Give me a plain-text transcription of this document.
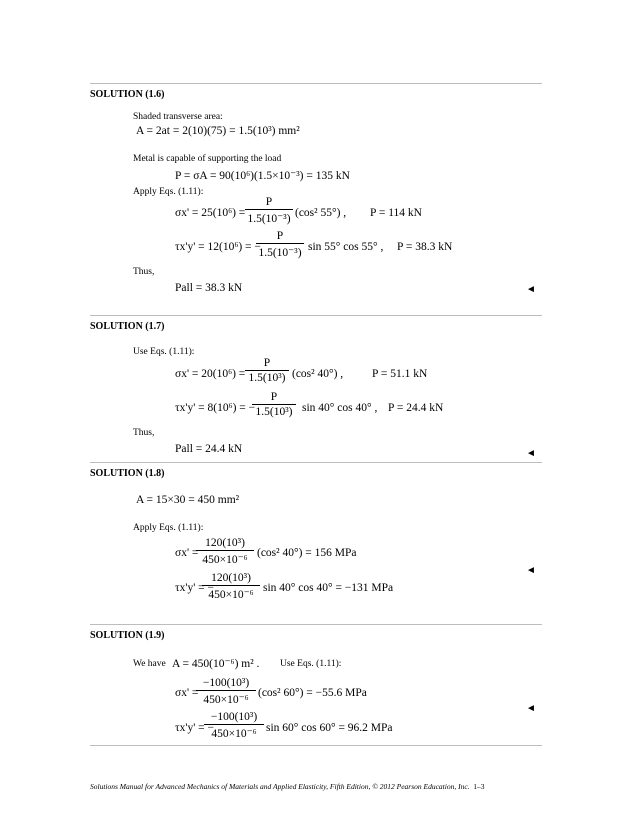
SOLUTION (1.6)
Shaded transverse area:
A = 2at = 2(10)(75) = 1.5(10³) mm²
Metal is capable of supporting the load
P = σA = 90(10⁶)(1.5×10⁻³) = 135 kN
Apply Eqs. (1.11):
$\sigma x' = 25(10^6) = \frac{P}{\text{1.5(10⁻³)}} (\cos^2$ 55°) , P = 114 kN
τx'y' = 12(10⁶) = −
$\frac{P}{\text{1.5(10⁻³)}}$ sin 55° cos 55° , P = 38.3 kN
Thus,
Pall = 38.3 kN	◄
SOLUTION (1.7)
Use Eqs. (1.11):
$\sigma x' = 20(10^6) = \frac{P}{\text{1.5(10³)}} (\cos^2$ 40°) ,	P = 51.1 kN
τx'y' = 8(10⁶) = −
$\frac{P}{\text{1.5(10³)}}$ sin 40° cos 40° , P = 24.4 kN
Thus,
Pall = 24.4 kN	◄
SOLUTION (1.8)
A = 15×30 = 450 mm²
Apply Eqs. (1.11):
σx' =
$\frac{\text{120(10³)}}{\text{450×10⁻⁶}} (\cos^2$ 40°) = 156 MPa
◄
τx'y' = −
$\frac{\text{120(10³)}}{\text{450×10⁻⁶}}$ sin 40° cos 40° = −131 MPa
SOLUTION (1.9)
We have A = 450(10⁻⁶) m² . Use Eqs. (1.11):
σx' =
$\frac{\text{−100(10³)}}{\text{450×10⁻⁶}} (\cos^2$ 60°) = −55.6 MPa
◄
τx'y' = −
$\frac{\text{−100(10³)}}{\text{450×10⁻⁶}}$ sin 60° cos 60° = 96.2 MPa
Solutions Manual for Advanced Mechanics of Materials and Applied Elasticity, Fifth Edition, © 2012 Pearson Education, Inc. 1–3
